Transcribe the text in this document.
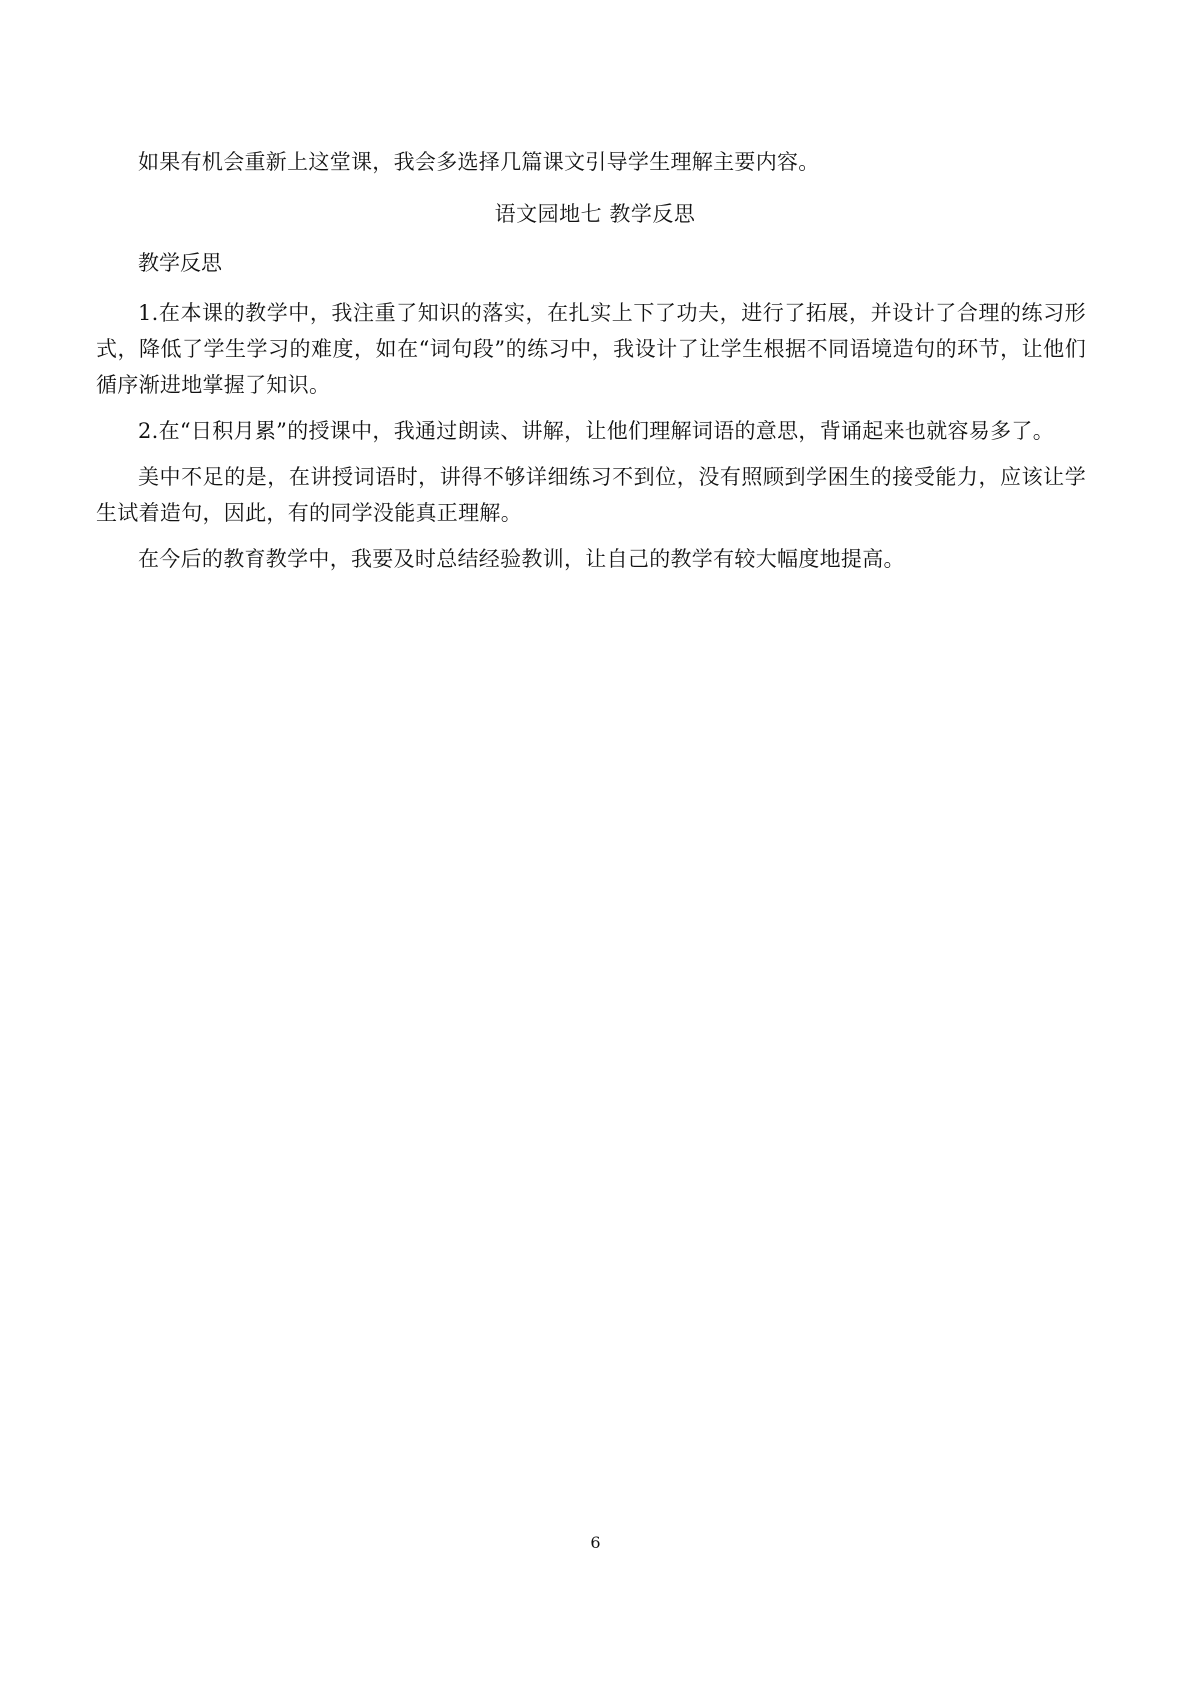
如果有机会重新上这堂课，我会多选择几篇课文引导学生理解主要内容。

语文园地七 教学反思

教学反思

1.在本课的教学中，我注重了知识的落实，在扎实上下了功夫，进行了拓展，并设计了合理的练习形式，降低了学生学习的难度，如在“词句段”的练习中，我设计了让学生根据不同语境造句的环节，让他们循序渐进地掌握了知识。

2.在“日积月累”的授课中，我通过朗读、讲解，让他们理解词语的意思，背诵起来也就容易多了。

美中不足的是，在讲授词语时，讲得不够详细练习不到位，没有照顾到学困生的接受能力，应该让学生试着造句，因此，有的同学没能真正理解。

在今后的教育教学中，我要及时总结经验教训，让自己的教学有较大幅度地提高。

6
